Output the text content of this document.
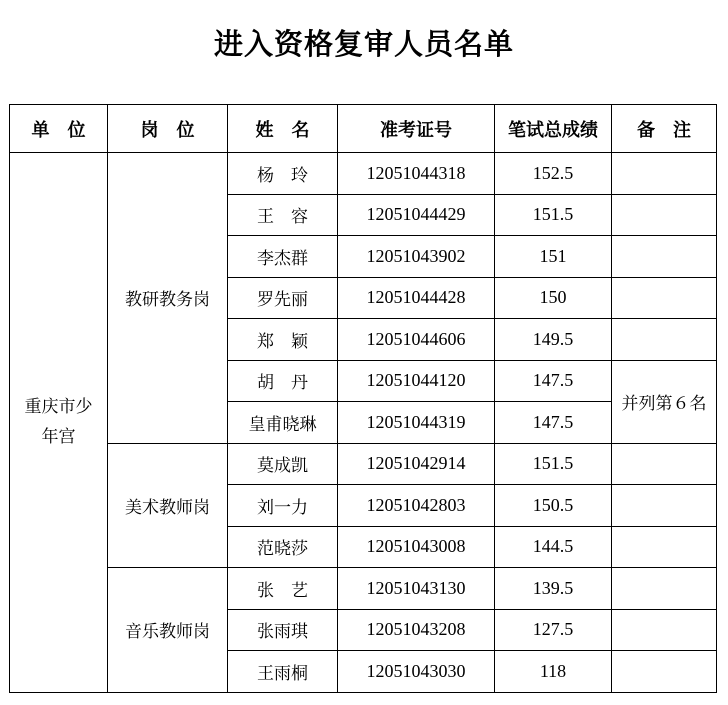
进入资格复审人员名单
单　位	岗　位	姓　名	准考证号	笔试总成绩	备　注

重庆市少
年宫	教研教务岗	杨　玲	12051044318	152.5	
		王　容	12051044429	151.5	
		李杰群	12051043902	151	
		罗先丽	12051044428	150	
		郑　颖	12051044606	149.5	
		胡　丹	12051044120	147.5	并列第６名
		皇甫晓琳	12051044319	147.5	
	美术教师岗	莫成凯	12051042914	151.5	
		刘一力	12051042803	150.5	
		范晓莎	12051043008	144.5	
	音乐教师岗	张　艺	12051043130	139.5	
		张雨琪	12051043208	127.5	
		王雨桐	12051043030	118	
